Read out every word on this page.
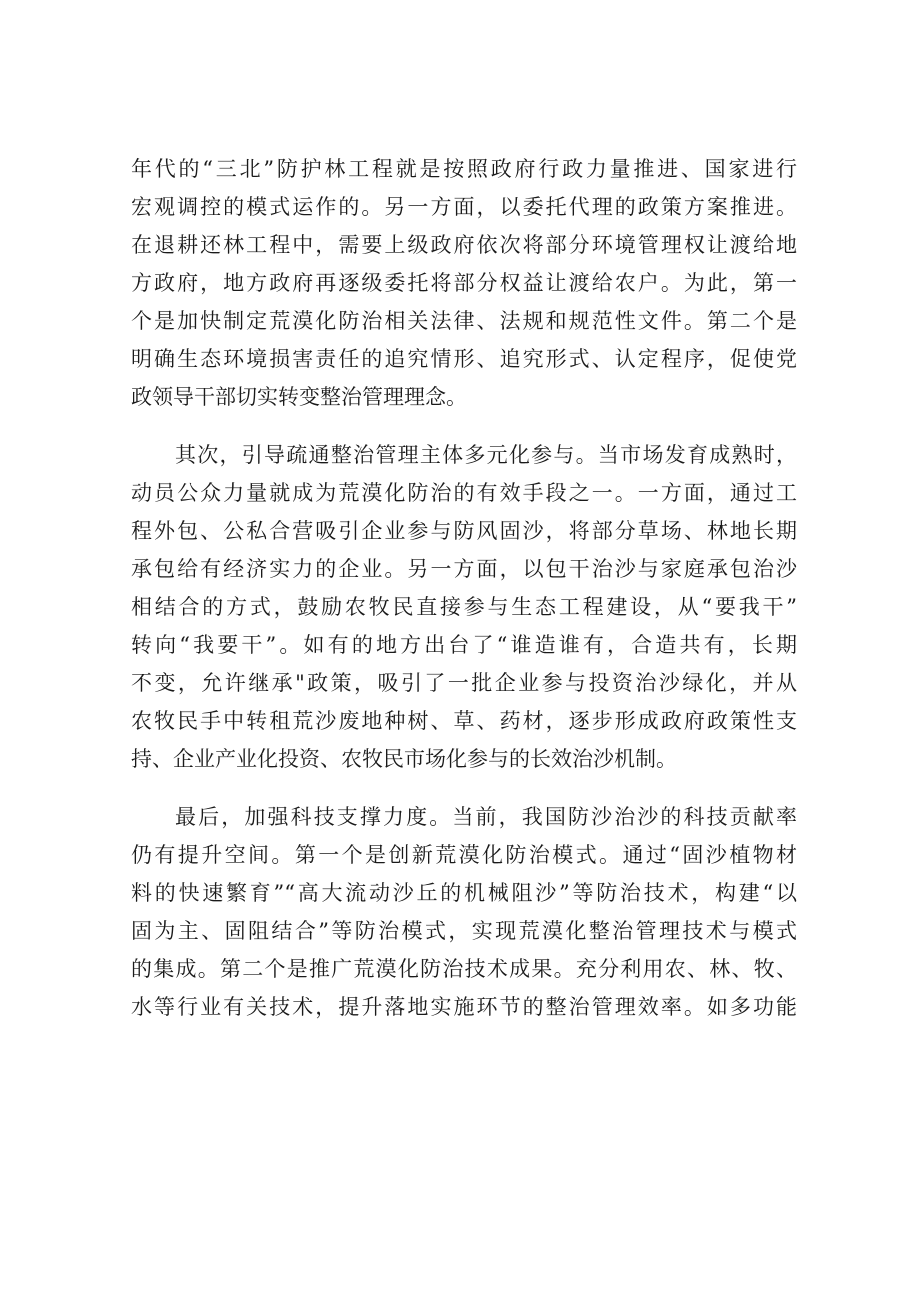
年代的“三北”防护林工程就是按照政府行政力量推进、国家进行
宏观调控的模式运作的。另一方面，以委托代理的政策方案推进。
在退耕还林工程中，需要上级政府依次将部分环境管理权让渡给地
方政府，地方政府再逐级委托将部分权益让渡给农户。为此，第一
个是加快制定荒漠化防治相关法律、法规和规范性文件。第二个是
明确生态环境损害责任的追究情形、追究形式、认定程序，促使党
政领导干部切实转变整治管理理念。

其次，引导疏通整治管理主体多元化参与。当市场发育成熟时，
动员公众力量就成为荒漠化防治的有效手段之一。一方面，通过工
程外包、公私合营吸引企业参与防风固沙，将部分草场、林地长期
承包给有经济实力的企业。另一方面，以包干治沙与家庭承包治沙
相结合的方式，鼓励农牧民直接参与生态工程建设，从“要我干”
转向“我要干”。如有的地方出台了“谁造谁有，合造共有，长期
不变，允许继承"政策，吸引了一批企业参与投资治沙绿化，并从
农牧民手中转租荒沙废地种树、草、药材，逐步形成政府政策性支
持、企业产业化投资、农牧民市场化参与的长效治沙机制。

最后，加强科技支撑力度。当前，我国防沙治沙的科技贡献率
仍有提升空间。第一个是创新荒漠化防治模式。通过“固沙植物材
料的快速繁育”“高大流动沙丘的机械阻沙”等防治技术，构建“以
固为主、固阻结合”等防治模式，实现荒漠化整治管理技术与模式
的集成。第二个是推广荒漠化防治技术成果。充分利用农、林、牧、
水等行业有关技术，提升落地实施环节的整治管理效率。如多功能
